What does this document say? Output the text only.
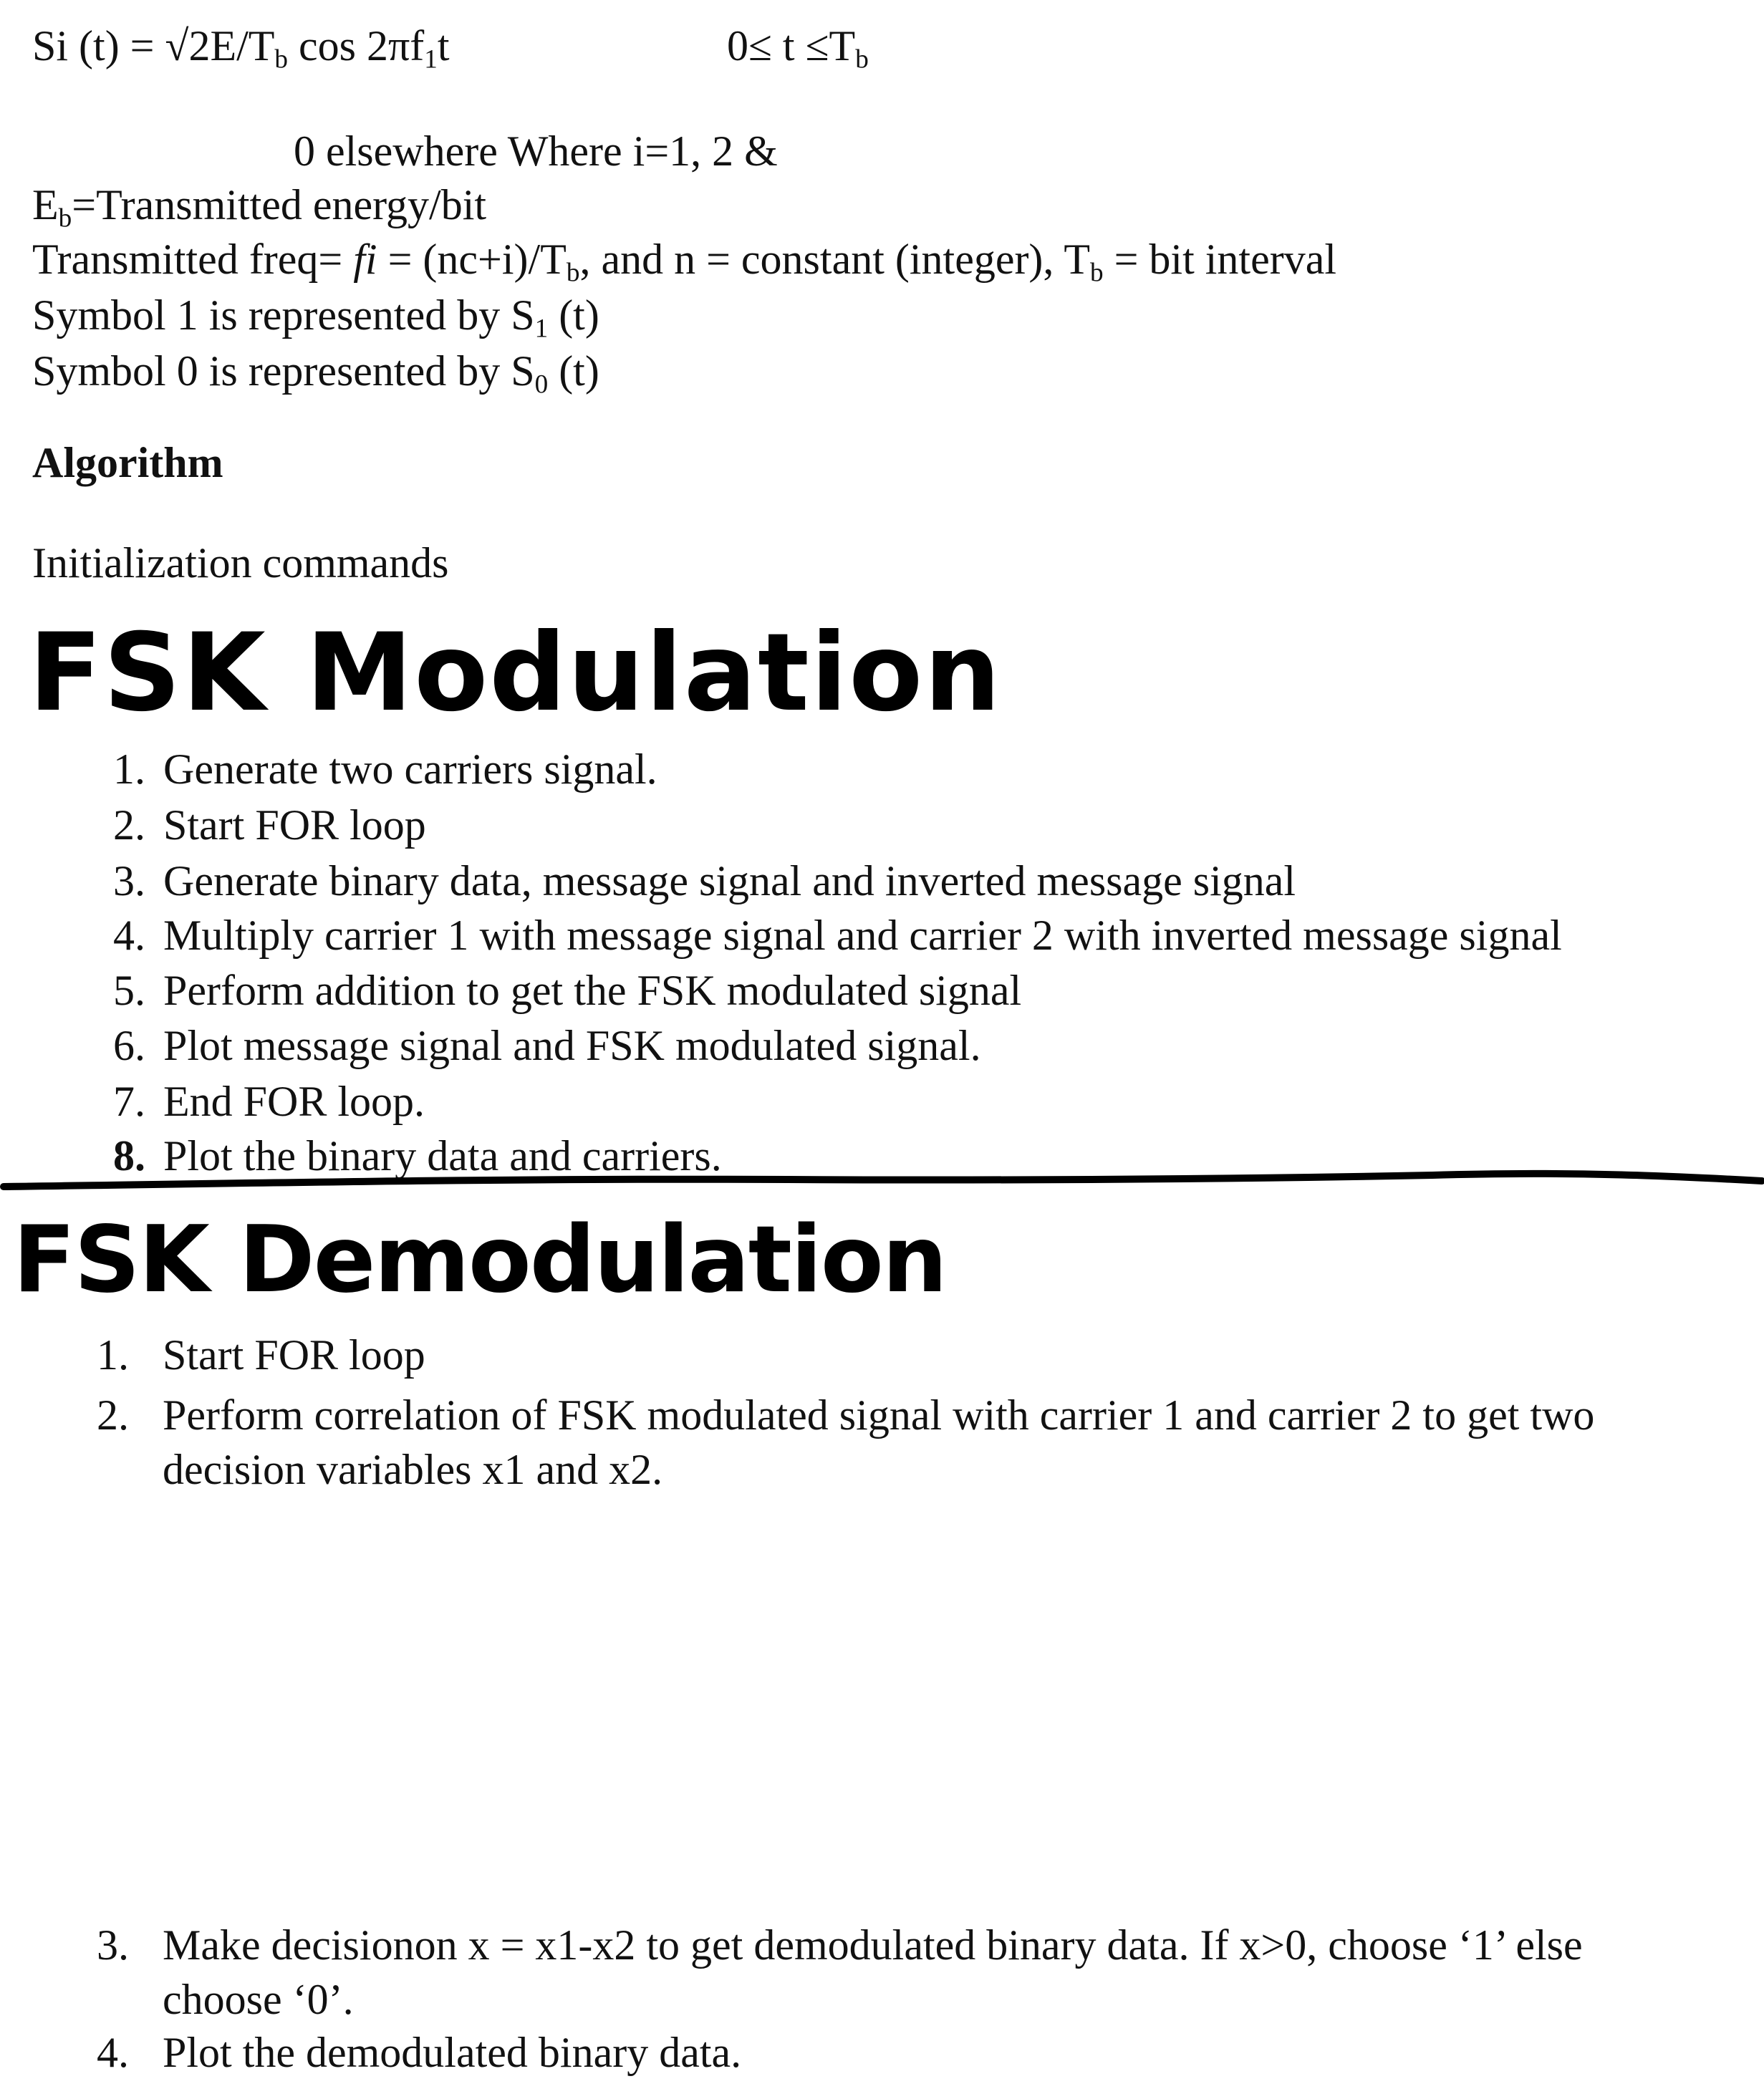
Si $(t) = √2E/T_b$ $\cos 2\pi f_1t$	$0\le t \le T_b$
0 elsewhere Where i=1, 2 &
$E_b=Transmitted$ energy/bit
Transmitted freq= fi = $(nc+i)/T_b$, and n = constant (integer), $T_b$ = bit interval
Symbol 1 is represented by $S_1$ (t)
Symbol 0 is represented by $S_0$ (t)
Algorithm
Initialization commands
FSK Modulation
1. Generate two carriers signal.
2. Start FOR loop
3. Generate binary data, message signal and inverted message signal
4. Multiply carrier 1 with message signal and carrier 2 with inverted message signal
5. Perform addition to get the FSK modulated signal
6. Plot message signal and FSK modulated signal.
7. End FOR loop.
8. Plot the binary data and carriers.
FSK Demodulation
1. Start FOR loop
2. Perform correlation of FSK modulated signal with carrier 1 and carrier 2 to get two
decision variables x1 and x2.
3. Make decisionon x = x1-x2 to get demodulated binary data. If x>0, choose ‘1’ else
choose ‘0’.
4. Plot the demodulated binary data.
